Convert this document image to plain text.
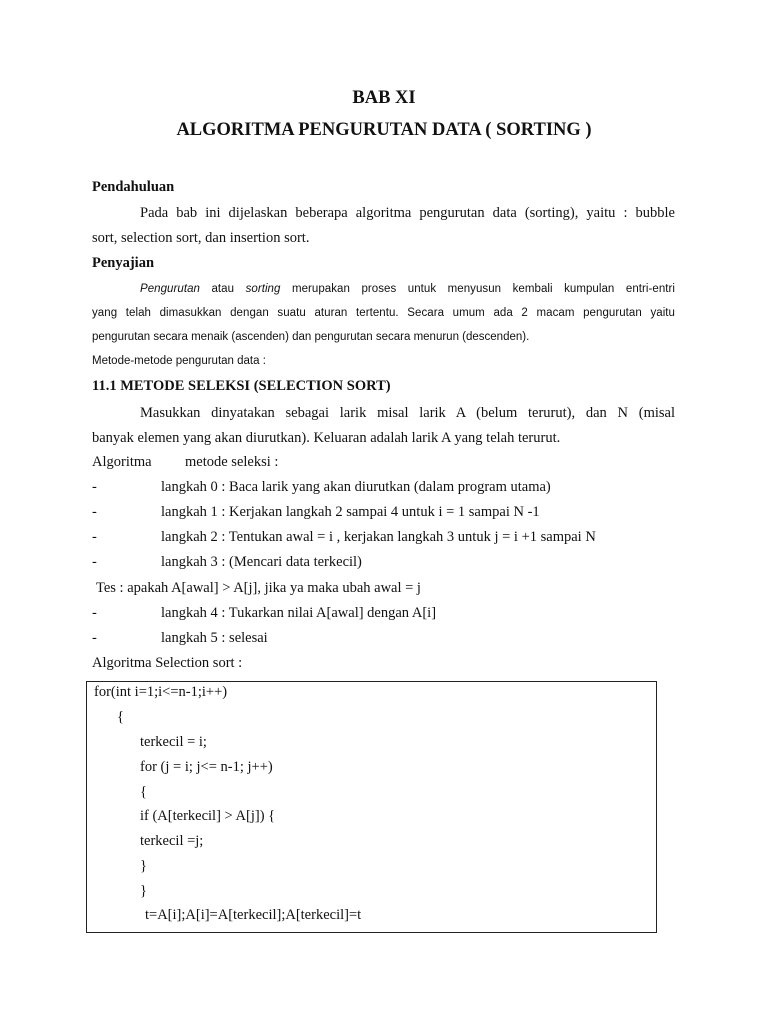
BAB XI
ALGORITMA PENGURUTAN DATA ( SORTING )
Pendahuluan
Pada bab ini dijelaskan beberapa algoritma pengurutan data (sorting), yaitu : bubble
sort, selection sort, dan insertion sort.
Penyajian
Pengurutan atau sorting merupakan proses untuk menyusun kembali kumpulan entri-entri
yang telah dimasukkan dengan suatu aturan tertentu. Secara umum ada 2 macam pengurutan yaitu
pengurutan secara menaik (ascenden) dan pengurutan secara menurun (descenden).
Metode-metode pengurutan data :
11.1 METODE SELEKSI (SELECTION SORT)
Masukkan dinyatakan sebagai larik misal larik A (belum terurut), dan N (misal
banyak elemen yang akan diurutkan). Keluaran adalah larik A yang telah terurut.
Algoritma metode seleksi :
-	langkah 0 : Baca larik yang akan diurutkan (dalam program utama)
-	langkah 1 : Kerjakan langkah 2 sampai 4 untuk i = 1 sampai N -1
-	langkah 2 : Tentukan awal = i , kerjakan langkah 3 untuk j = i +1 sampai N
-	langkah 3 : (Mencari data terkecil)
Tes : apakah A[awal] > A[j], jika ya maka ubah awal = j
-	langkah 4 : Tukarkan nilai A[awal] dengan A[i]
-	langkah 5 : selesai
Algoritma Selection sort :
for(int i=1;i<=n-1;i++)
{
terkecil = i;
for (j = i; j<= n-1; j++)
{
if (A[terkecil] > A[j]) {
terkecil =j;
}
}
t=A[i];A[i]=A[terkecil];A[terkecil]=t
